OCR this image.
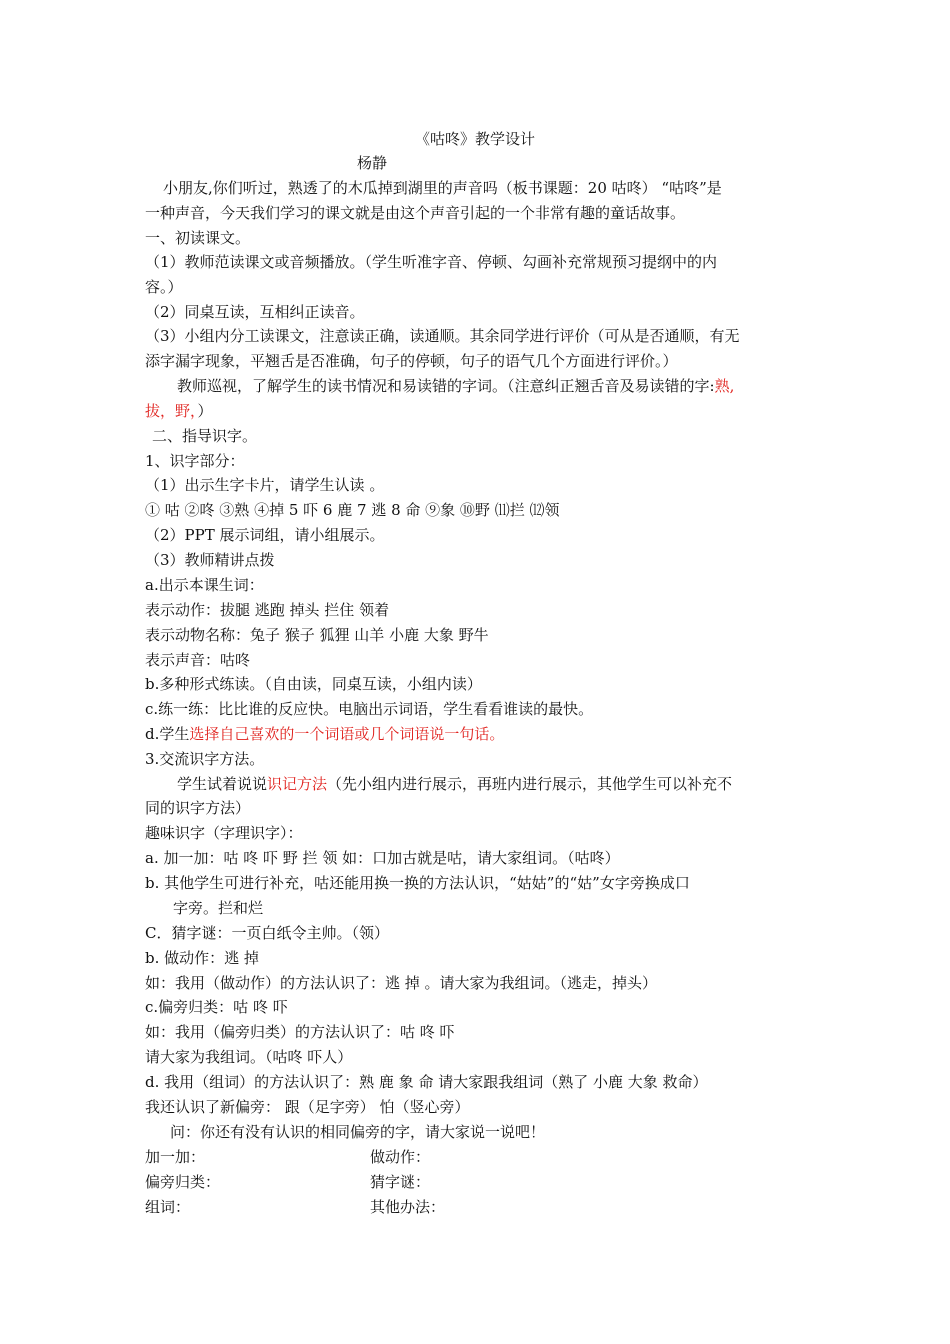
《咕咚》教学设计
杨静
小朋友,你们听过，熟透了的木瓜掉到湖里的声音吗（板书课题：20 咕咚） “咕咚”是
一种声音，今天我们学习的课文就是由这个声音引起的一个非常有趣的童话故事。
一、初读课文。
（1）教师范读课文或音频播放。（学生听准字音、停顿、勾画补充常规预习提纲中的内
容。）
（2）同桌互读，互相纠正读音。
（3）小组内分工读课文，注意读正确，读通顺。其余同学进行评价（可从是否通顺，有无
添字漏字现象，平翘舌是否准确，句子的停顿，句子的语气几个方面进行评价。）
教师巡视，了解学生的读书情况和易读错的字词。（注意纠正翘舌音及易读错的字:熟,
拔，野，）
二、指导识字。
1、识字部分：
（1）出示生字卡片，请学生认读 。
① 咕 ②咚 ③熟 ④掉 5 吓 6 鹿 7 逃 8 命 ⑨象 ⑩野 ⑾拦 ⑿领
（2）PPT 展示词组，请小组展示。
（3）教师精讲点拨
a.出示本课生词：
表示动作：拔腿 逃跑 掉头 拦住 领着
表示动物名称：兔子 猴子 狐狸 山羊 小鹿 大象 野牛
表示声音：咕咚
b.多种形式练读。（自由读，同桌互读，小组内读）
c.练一练：比比谁的反应快。电脑出示词语，学生看看谁读的最快。
d.学生选择自己喜欢的一个词语或几个词语说一句话。
3.交流识字方法。
学生试着说说识记方法（先小组内进行展示，再班内进行展示，其他学生可以补充不
同的识字方法）
趣味识字（字理识字）：
a. 加一加：咕 咚 吓 野 拦 领 如：口加古就是咕，请大家组词。（咕咚）
b. 其他学生可进行补充，咕还能用换一换的方法认识，“姑姑”的“姑”女字旁换成口
字旁。拦和烂
C．猜字谜：一页白纸令主帅。（领）
b. 做动作：逃 掉
如：我用（做动作）的方法认识了：逃 掉 。请大家为我组词。（逃走，掉头）
c.偏旁归类：咕 咚 吓
如：我用（偏旁归类）的方法认识了：咕 咚 吓
请大家为我组词。（咕咚 吓人）
d. 我用（组词）的方法认识了：熟 鹿 象 命 请大家跟我组词（熟了 小鹿 大象 救命）
我还认识了新偏旁： 跟（足字旁） 怕（竖心旁）
问：你还有没有认识的相同偏旁的字，请大家说一说吧！
加一加：	做动作：
偏旁归类：	猜字谜：
组词：	其他办法：
